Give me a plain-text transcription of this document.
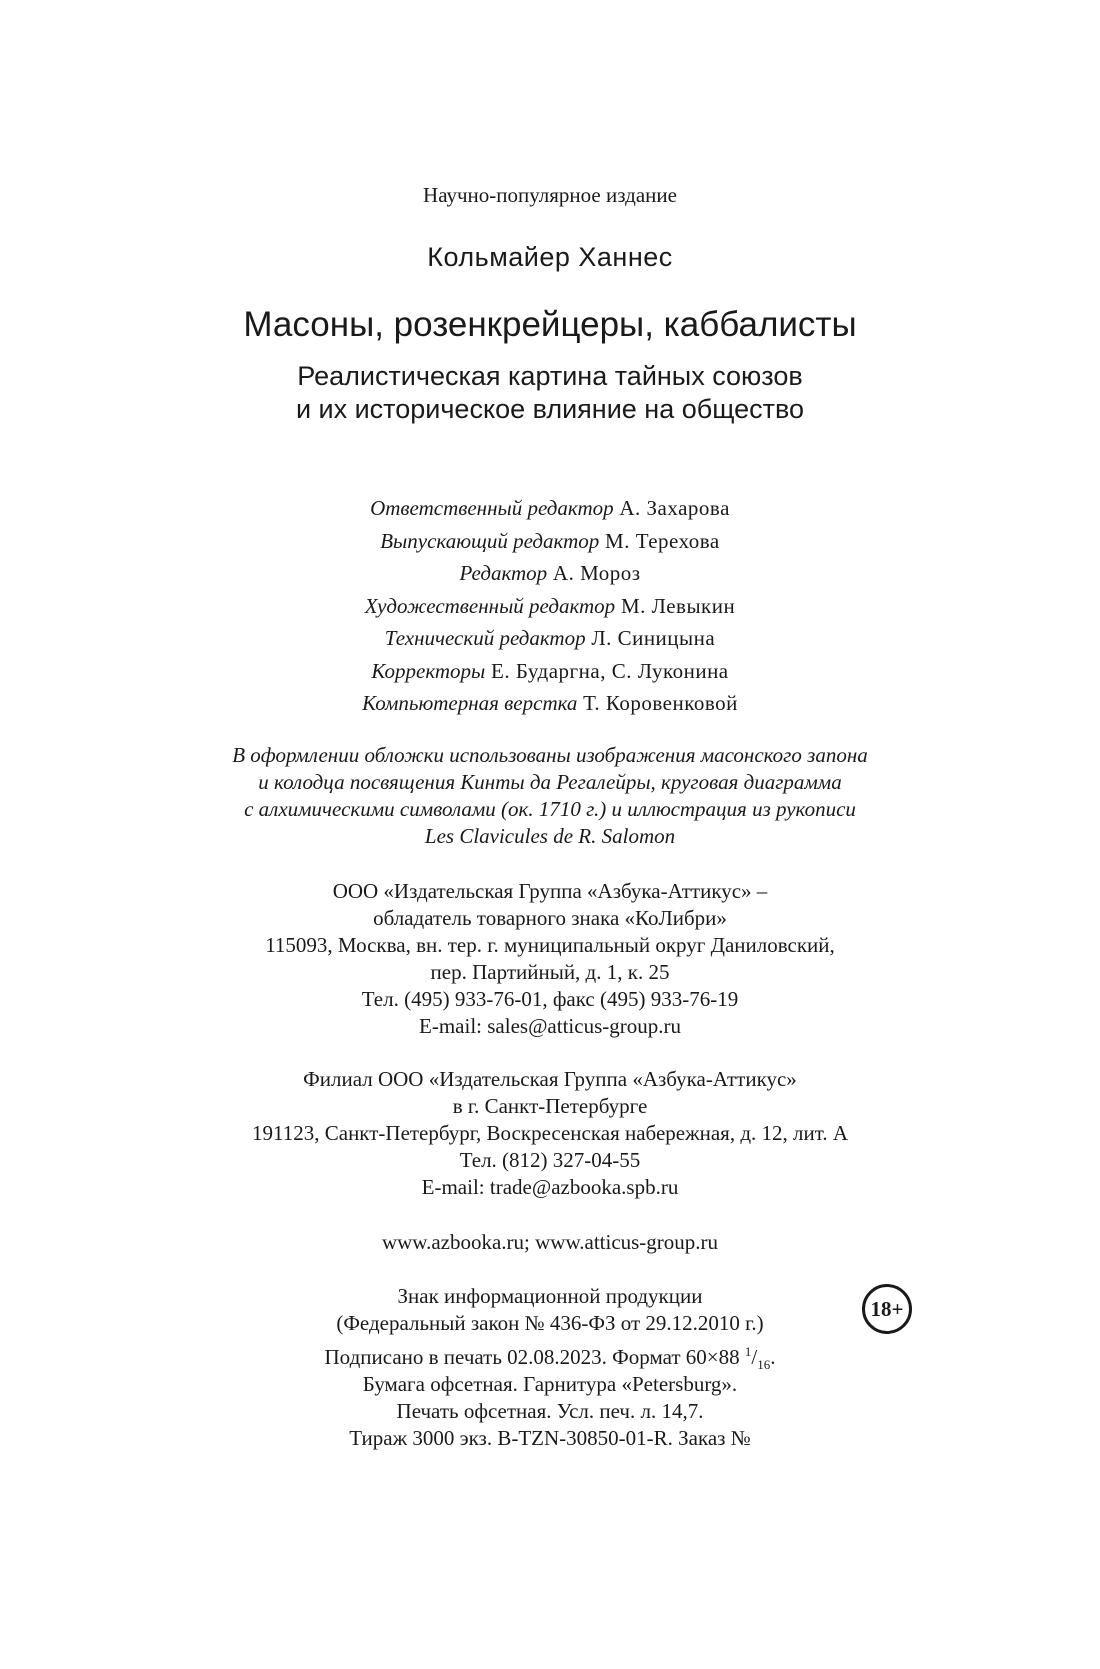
Научно-популярное издание
Кольмайер Ханнес
Масоны, розенкрейцеры, каббалисты
Реалистическая картина тайных союзов
и их историческое влияние на общество
Ответственный редактор А. Захарова
Выпускающий редактор М. Терехова
Редактор А. Мороз
Художественный редактор М. Левыкин
Технический редактор Л. Синицына
Корректоры Е. Бударгна, С. Луконина
Компьютерная верстка Т. Коровенковой
В оформлении обложки использованы изображения масонского запона
и колодца посвящения Кинты да Регалейры, круговая диаграмма
с алхимическими символами (ок. 1710 г.) и иллюстрация из рукописи
Les Clavicules de R. Salomon
ООО «Издательская Группа «Азбука-Аттикус» –
обладатель товарного знака «КоЛибри»
115093, Москва, вн. тер. г. муниципальный округ Даниловский,
пер. Партийный, д. 1, к. 25
Тел. (495) 933-76-01, факс (495) 933-76-19
E-mail: sales@atticus-group.ru
Филиал ООО «Издательская Группа «Азбука-Аттикус»
в г. Санкт-Петербурге
191123, Санкт-Петербург, Воскресенская набережная, д. 12, лит. А
Тел. (812) 327-04-55
E-mail: trade@azbooka.spb.ru
www.azbooka.ru; www.atticus-group.ru
Знак информационной продукции
(Федеральный закон № 436-ФЗ от 29.12.2010 г.)
18+
Подписано в печать 02.08.2023. Формат 60×88 $^1/_{16}$.
Бумага офсетная. Гарнитура «Petersburg».
Печать офсетная. Усл. печ. л. 14,7.
Тираж 3000 экз. B-TZN-30850-01-R. Заказ №
